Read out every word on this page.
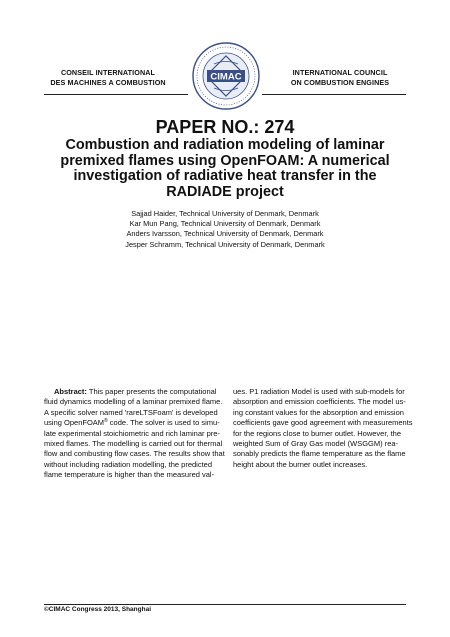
CONSEIL INTERNATIONAL
DES MACHINES A COMBUSTION
INTERNATIONAL COUNCIL
ON COMBUSTION ENGINES
CIMAC
PAPER NO.: 274
Combustion and radiation modeling of laminar
premixed flames using OpenFOAM: A numerical
investigation of radiative heat transfer in the
RADIADE project
Sajjad Haider, Technical University of Denmark, Denmark
Kar Mun Pang, Technical University of Denmark, Denmark
Anders Ivarsson, Technical University of Denmark, Denmark
Jesper Schramm, Technical University of Denmark, Denmark

Abstract: This paper presents the computational

fluid dynamics modelling of a laminar premixed flame.

A specific solver named 'rareLTSFoam' is developed

using OpenFOAM® code. The solver is used to simu-

late experimental stoichiometric and rich laminar pre-

mixed flames. The modelling is carried out for thermal

flow and combusting flow cases. The results show that

without including radiation modelling, the predicted

flame temperature is higher than the measured val-

ues. P1 radiation Model is used with sub-models for

absorption and emission coefficients. The model us-

ing constant values for the absorption and emission

coefficients gave good agreement with measurements

for the regions close to burner outlet. However, the

weighted Sum of Gray Gas model (WSGGM) rea-

sonably predicts the flame temperature as the flame

height about the burner outlet increases.

©CIMAC Congress 2013, Shanghai
